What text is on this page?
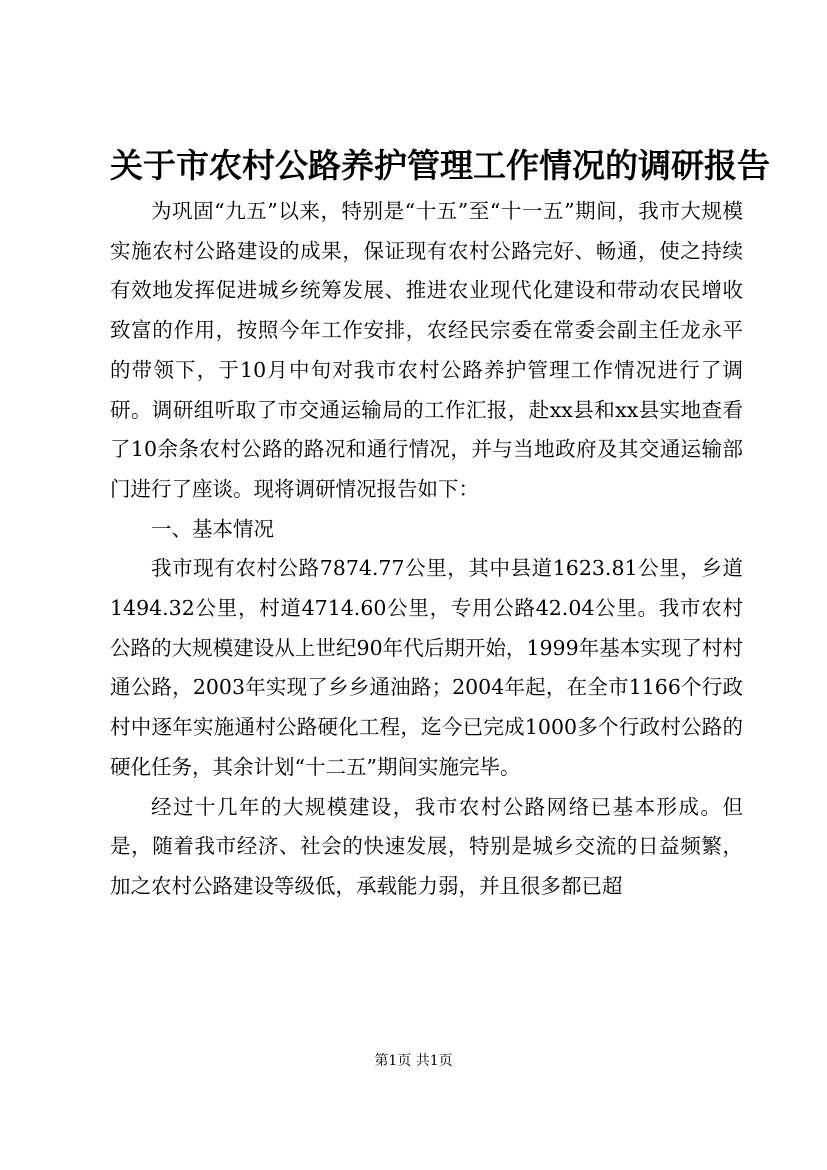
关于市农村公路养护管理工作情况的调研报告

为巩固“九五”以来，特别是“十五”至“十一五”期间，我市大规模实施农村公路建设的成果，保证现有农村公路完好、畅通，使之持续有效地发挥促进城乡统筹发展、推进农业现代化建设和带动农民增收致富的作用，按照今年工作安排，农经民宗委在常委会副主任龙永平的带领下，于10月中旬对我市农村公路养护管理工作情况进行了调研。调研组听取了市交通运输局的工作汇报，赴xx县和xx县实地查看了10余条农村公路的路况和通行情况，并与当地政府及其交通运输部门进行了座谈。现将调研情况报告如下：

一、基本情况

我市现有农村公路7874.77公里，其中县道1623.81公里，乡道1494.32公里，村道4714.60公里，专用公路42.04公里。我市农村公路的大规模建设从上世纪90年代后期开始，1999年基本实现了村村通公路，2003年实现了乡乡通油路；2004年起，在全市1166个行政村中逐年实施通村公路硬化工程，迄今已完成1000多个行政村公路的硬化任务，其余计划“十二五”期间实施完毕。

经过十几年的大规模建设，我市农村公路网络已基本形成。但是，随着我市经济、社会的快速发展，特别是城乡交流的日益频繁，加之农村公路建设等级低，承载能力弱，并且很多都已超

第1页 共1页
